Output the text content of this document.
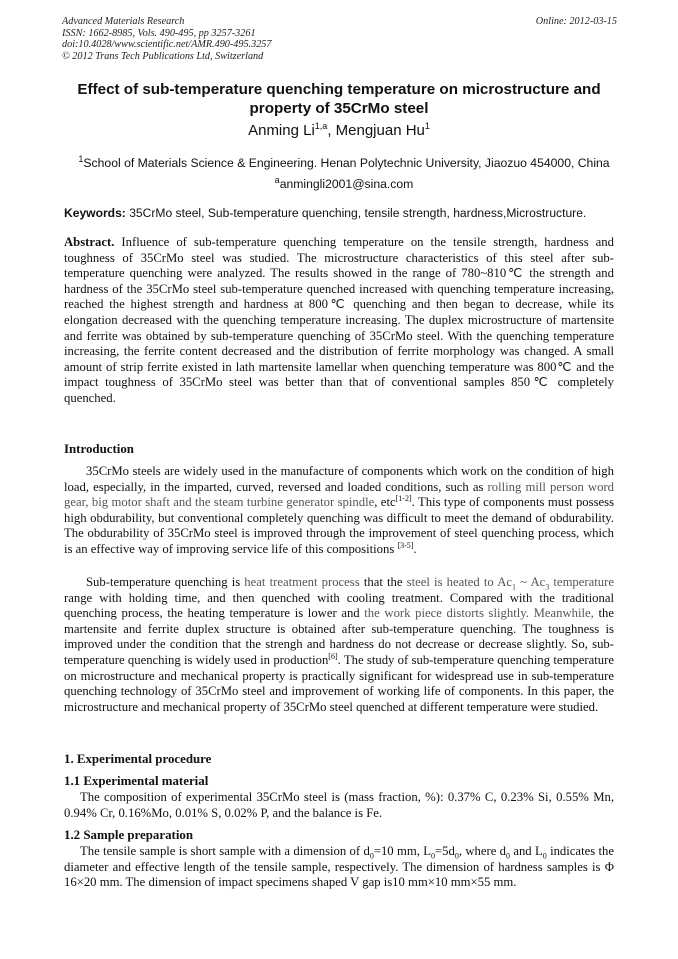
Advanced Materials Research
ISSN: 1662-8985, Vols. 490-495, pp 3257-3261
doi:10.4028/www.scientific.net/AMR.490-495.3257
© 2012 Trans Tech Publications Ltd, Switzerland
Online: 2012-03-15
Effect of sub-temperature quenching temperature on microstructure and
property of 35CrMo steel
Anming Li$^{1,a}$, Mengjuan Hu$^1$
$^1$School of Materials Science & Engineering. Henan Polytechnic University, Jiaozuo 454000, China
$^a$anmingli2001@sina.com
Keywords: 35CrMo steel, Sub-temperature quenching, tensile strength, hardness,Microstructure.
Abstract. Influence of sub-temperature quenching temperature on the tensile strength, hardness and toughness of 35CrMo steel was studied. The microstructure characteristics of this steel after sub-temperature quenching were analyzed. The results showed in the range of 780~810℃ the strength and hardness of the 35CrMo steel sub-temperature quenched increased with quenching temperature increasing, reached the highest strength and hardness at 800℃ quenching and then began to decrease, while its elongation decreased with the quenching temperature increasing. The duplex microstructure of martensite and ferrite was obtained by sub-temperature quenching of 35CrMo steel. With the quenching temperature increasing, the ferrite content decreased and the distribution of ferrite morphology was changed. A small amount of strip ferrite existed in lath martensite lamellar when quenching temperature was 800℃ and the impact toughness of 35CrMo steel was better than that of conventional samples 850℃ completely quenched.
Introduction
35CrMo steels are widely used in the manufacture of components which work on the condition of high load, especially, in the imparted, curved, reversed and loaded conditions, such as rolling mill person word gear, big motor shaft and the steam turbine generator spindle, etc[1-2]. This type of components must possess high obdurability, but conventional completely quenching was difficult to meet the demand of obdurability. The obdurability of 35CrMo steel is improved through the improvement of steel quenching process, which is an effective way of improving service life of this compositions [3-5].
Sub-temperature quenching is heat treatment process that the steel is heated to $Ac_1$ ~ $Ac_3$ temperature range with holding time, and then quenched with cooling treatment. Compared with the traditional quenching process, the heating temperature is lower and the work piece distorts slightly. Meanwhile, the martensite and ferrite duplex structure is obtained after sub-temperature quenching. The toughness is improved under the condition that the strengh and hardness do not decrease or decrease slightly. So, sub-temperature quenching is widely used in production[6]. The study of sub-temperature quenching temperature on microstructure and mechanical property is practically significant for widespread use in sub-temperature quenching technology of 35CrMo steel and improvement of working life of components. In this paper, the microstructure and mechanical property of 35CrMo steel quenched at different temperature were studied.
1. Experimental procedure
1.1 Experimental material
The composition of experimental 35CrMo steel is (mass fraction, %): 0.37% C, 0.23% Si, 0.55% Mn, 0.94% Cr, 0.16%Mo, 0.01% S, 0.02% P, and the balance is Fe.
1.2 Sample preparation
The tensile sample is short sample with a dimension of $d_0=10$ mm, $L_0=5d_0$, where $d_0$ and $L_0$ indicates the diameter and effective length of the tensile sample, respectively. The dimension of hardness samples is Φ 16×20 mm. The dimension of impact specimens shaped V gap is10 mm×10 mm×55 mm.
